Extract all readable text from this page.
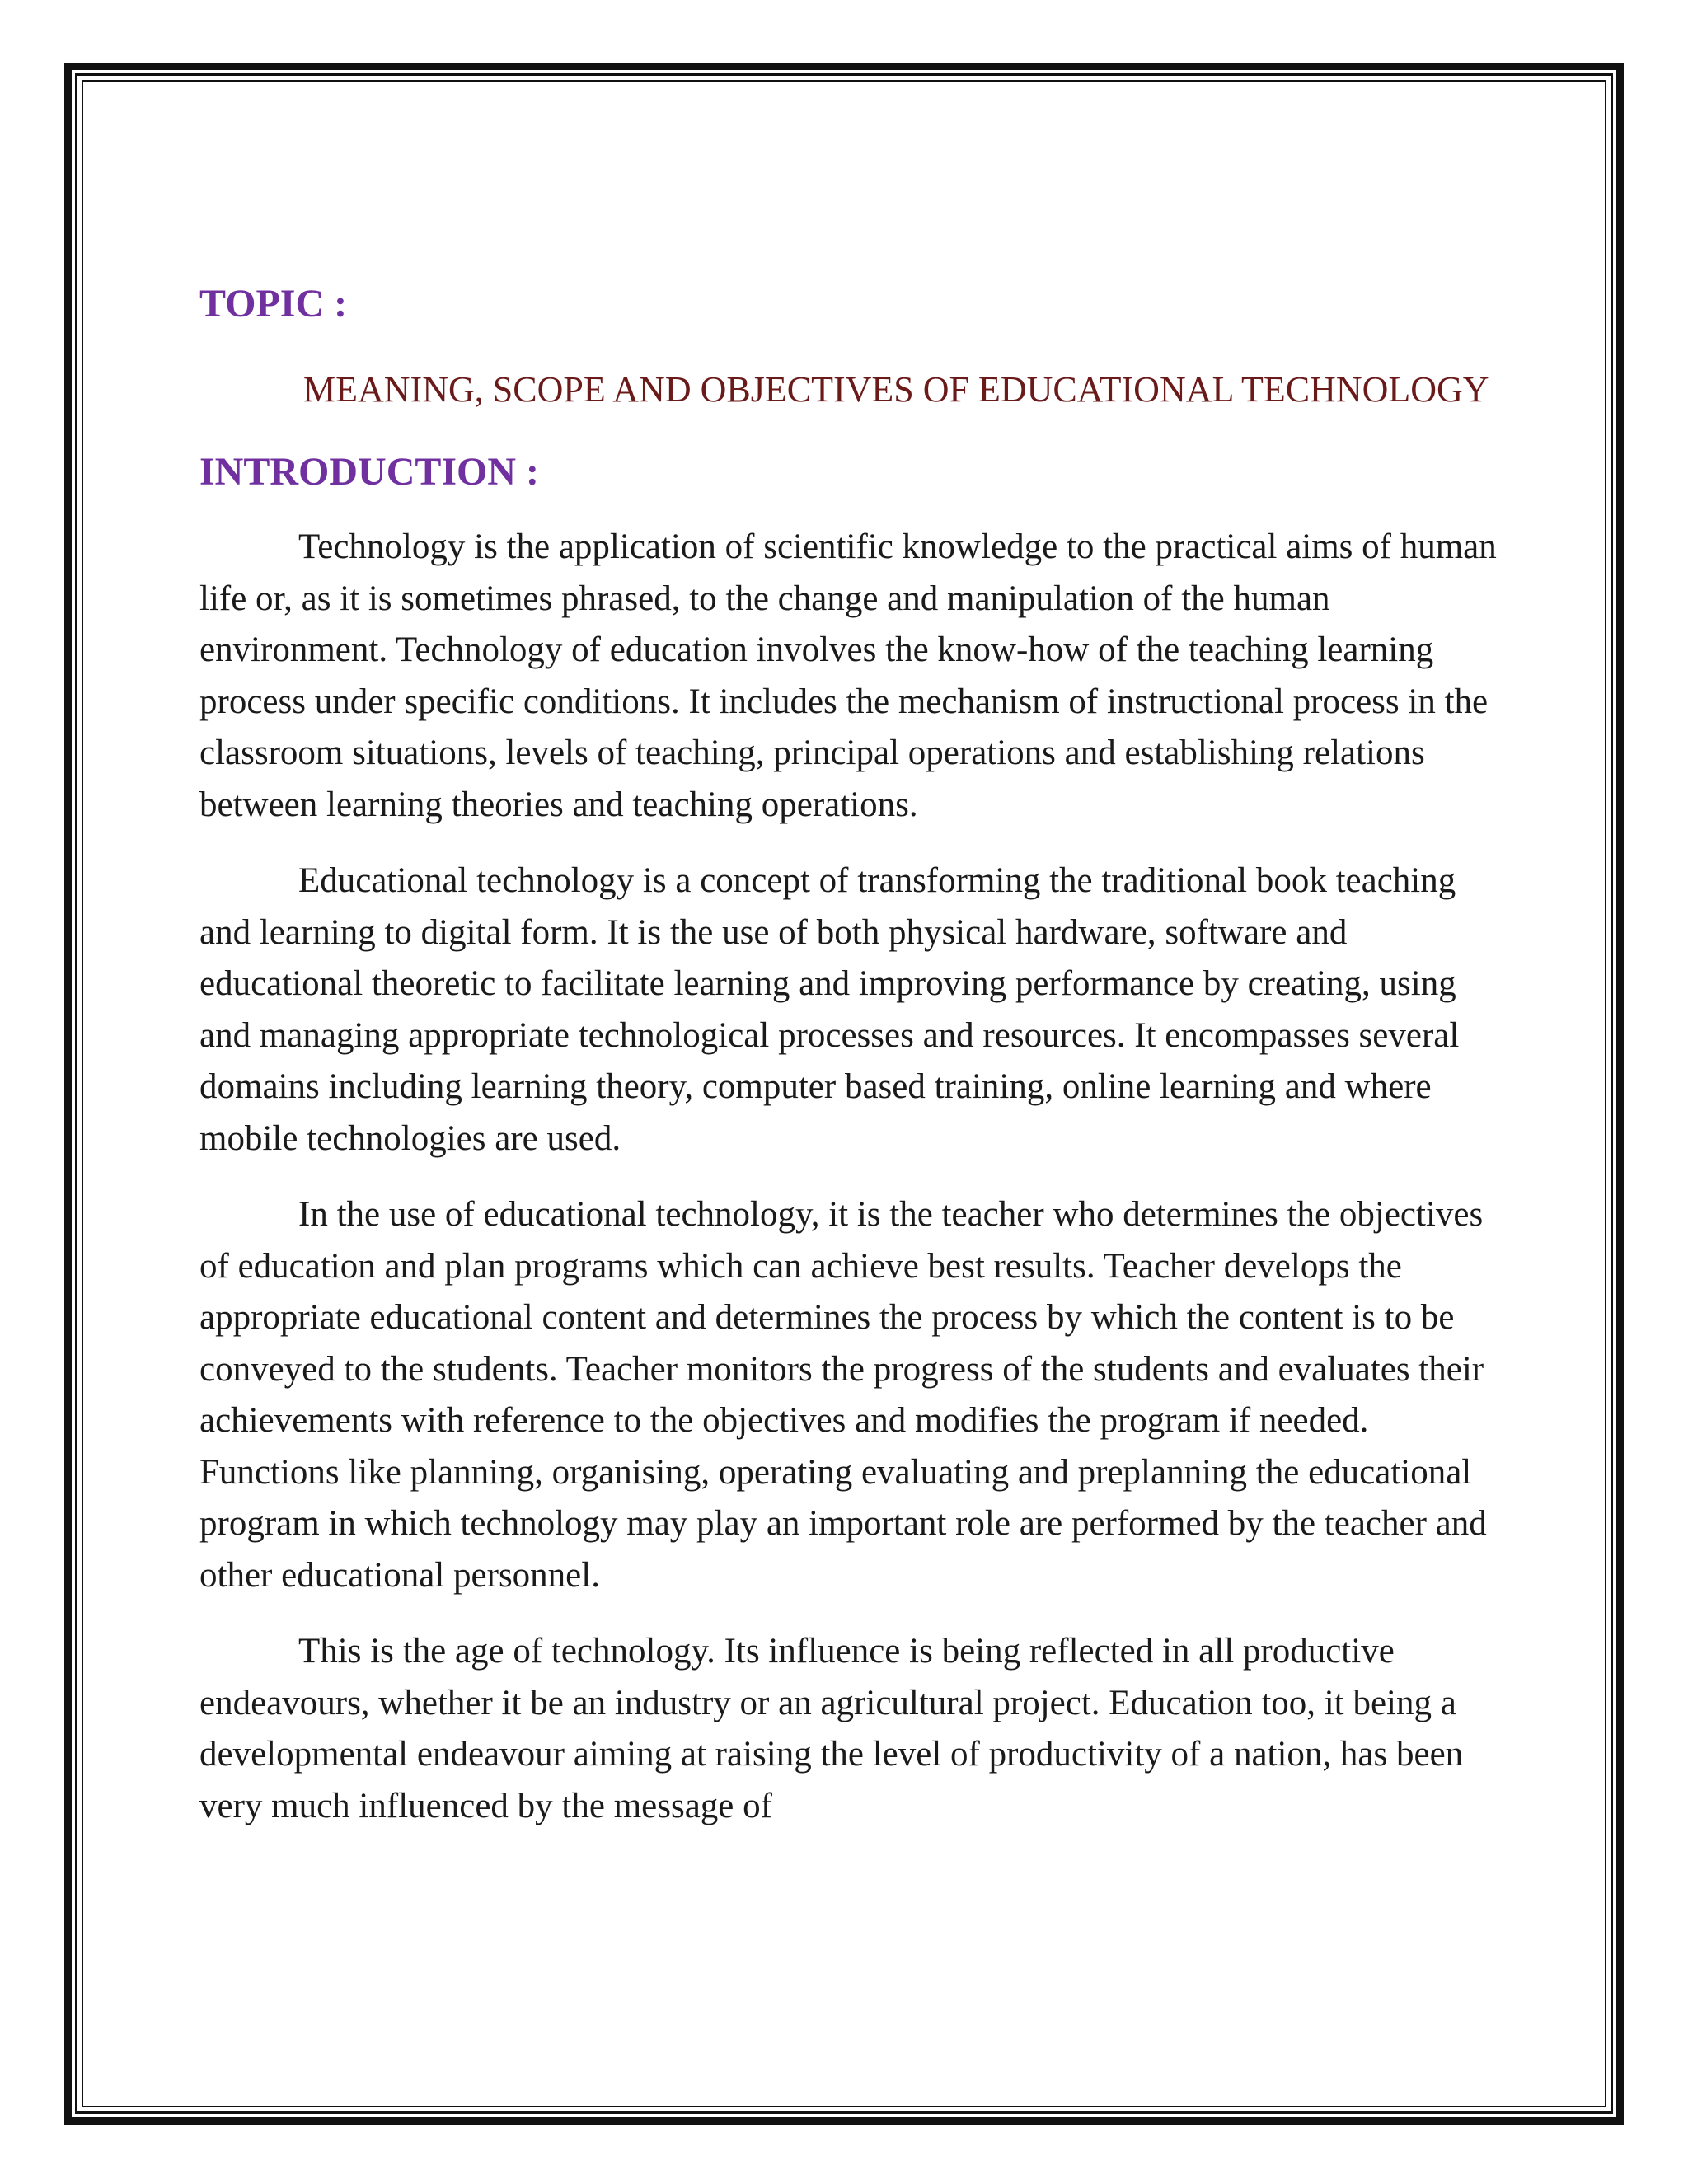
TOPIC :
MEANING, SCOPE AND OBJECTIVES OF EDUCATIONAL TECHNOLOGY
INTRODUCTION :

Technology is the application of scientific knowledge to the practical aims of human life or, as it is sometimes phrased, to the change and manipulation of the human environment. Technology of education involves the know-how of the teaching learning process under specific conditions. It includes the mechanism of instructional process in the classroom situations, levels of teaching, principal operations and establishing relations between learning theories and teaching operations.

Educational technology is a concept of transforming the traditional book teaching and learning to digital form. It is the use of both physical hardware, software and educational theoretic to facilitate learning and improving performance by creating, using and managing appropriate technological processes and resources. It encompasses several domains including learning theory, computer based training, online learning and where mobile technologies are used.

In the use of educational technology, it is the teacher who determines the objectives of education and plan programs which can achieve best results. Teacher develops the appropriate educational content and determines the process by which the content is to be conveyed to the students. Teacher monitors the progress of the students and evaluates their achievements with reference to the objectives and modifies the program if needed. Functions like planning, organising, operating evaluating and preplanning the educational program in which technology may play an important role are performed by the teacher and other educational personnel.

This is the age of technology. Its influence is being reflected in all productive endeavours, whether it be an industry or an agricultural project. Education too, it being a developmental endeavour aiming at raising the level of productivity of a nation, has been very much influenced by the message of
